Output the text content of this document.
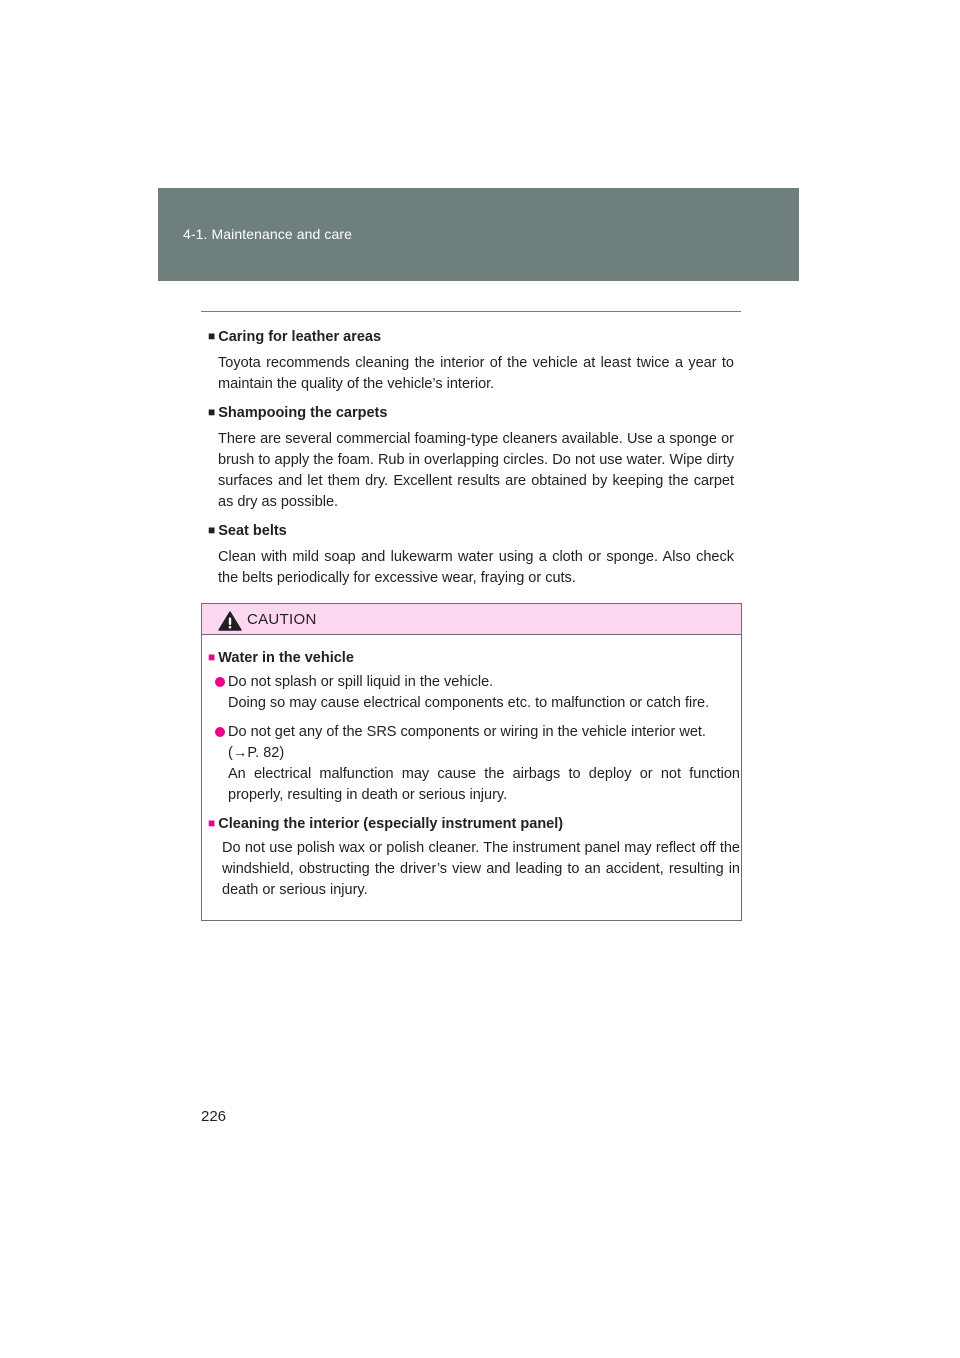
4-1. Maintenance and care

■ Caring for leather areas

Toyota recommends cleaning the interior of the vehicle at least twice a year to maintain the quality of the vehicle’s interior.

■ Shampooing the carpets

There are several commercial foaming-type cleaners available. Use a sponge or brush to apply the foam. Rub in overlapping circles. Do not use water. Wipe dirty surfaces and let them dry. Excellent results are obtained by keeping the carpet as dry as possible.

■ Seat belts

Clean with mild soap and lukewarm water using a cloth or sponge. Also check the belts periodically for excessive wear, fraying or cuts.

CAUTION

■ Water in the vehicle

Do not splash or spill liquid in the vehicle.

Doing so may cause electrical components etc. to malfunction or catch fire.

Do not get any of the SRS components or wiring in the vehicle interior wet.

(→P. 82)

An electrical malfunction may cause the airbags to deploy or not function properly, resulting in death or serious injury.

■ Cleaning the interior (especially instrument panel)

Do not use polish wax or polish cleaner. The instrument panel may reflect off the windshield, obstructing the driver’s view and leading to an accident, resulting in death or serious injury.

226
